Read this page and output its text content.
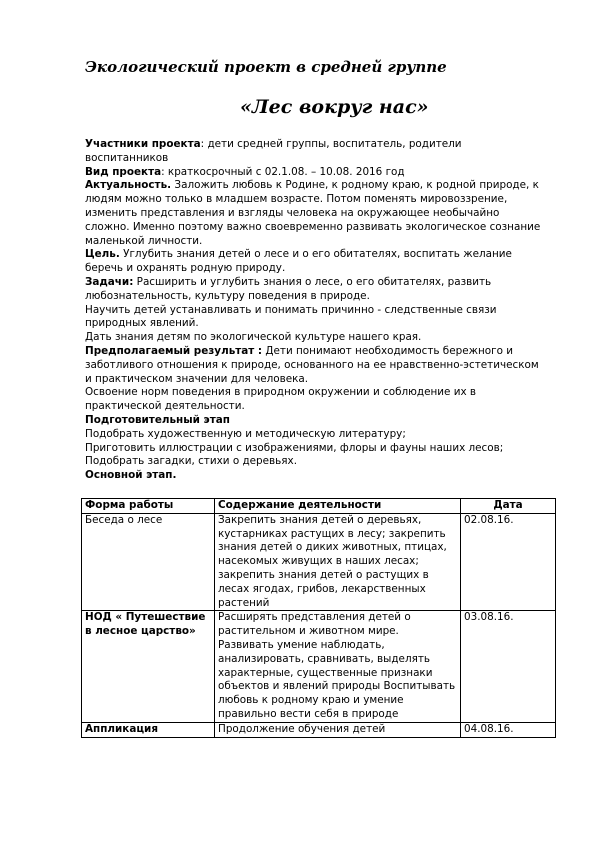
Экологический проект в средней группе
«Лес вокруг нас»

Участники проекта: дети средней группы, воспитатель, родители воспитанников

Вид проекта: краткосрочный с 02.1.08. – 10.08. 2016 год

Актуальность. Заложить любовь к Родине, к родному краю, к родной природе, к людям можно только в младшем возрасте. Потом поменять мировоззрение, изменить представления и взгляды человека на окружающее необычайно сложно. Именно поэтому важно своевременно развивать экологическое сознание маленькой личности.

Цель. Углубить знания детей о лесе и о его обитателях, воспитать желание беречь и охранять родную природу.

Задачи: Расширить и углубить знания о лесе, о его обитателях, развить любознательность, культуру поведения в природе.

Научить детей устанавливать и понимать причинно - следственные связи природных явлений.

Дать знания детям по экологической культуре нашего края.

Предполагаемый результат : Дети понимают необходимость бережного и заботливого отношения к природе, основанного на ее нравственно-эстетическом и практическом значении для человека.

Освоение норм поведения в природном окружении и соблюдение их в практической деятельности.

Подготовительный этап

Подобрать художественную и методическую литературу;

Приготовить иллюстрации с изображениями, флоры и фауны наших лесов;

Подобрать загадки, стихи о деревьях.

Основной этап.

Форма работы	Содержание деятельности	Дата
Беседа о лесе	Закрепить знания детей о деревьях, кустарниках растущих в лесу; закрепить знания детей о диких животных, птицах, насекомых живущих в наших лесах; закрепить знания детей о растущих в лесах ягодах, грибов, лекарственных растений	02.08.16.
НОД « Путешествие в лесное царство»	Расширять представления детей о растительном и животном мире. Развивать умение наблюдать, анализировать, сравнивать, выделять характерные, существенные признаки объектов и явлений природы Воспитывать любовь к родному краю и умение правильно вести себя в природе	03.08.16.
Аппликация	Продолжение обучения детей	04.08.16.
